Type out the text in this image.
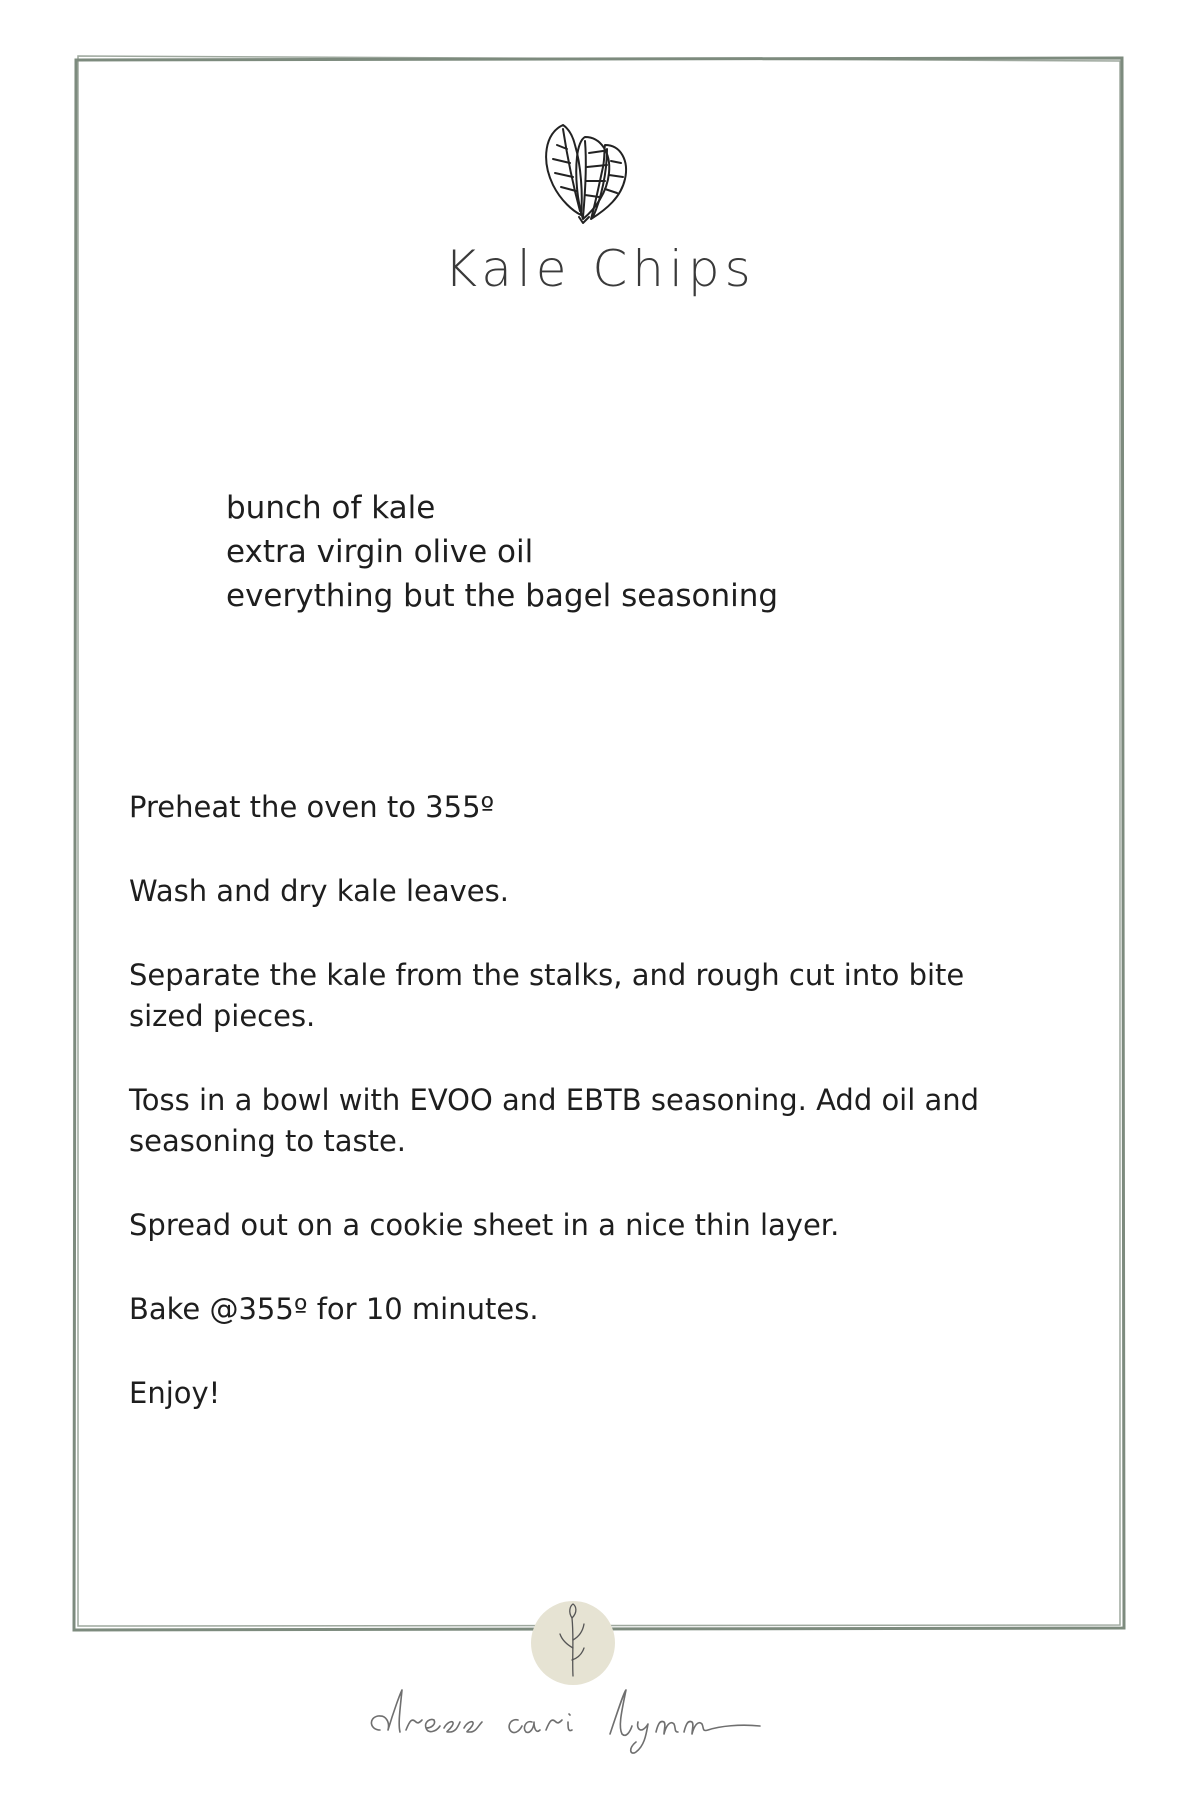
Kale Chips
bunch of kale
extra virgin olive oil
everything but the bagel seasoning
Preheat the oven to 355º
Wash and dry kale leaves.
Separate the kale from the stalks, and rough cut into bite sized pieces.
Toss in a bowl with EVOO and EBTB seasoning. Add oil and seasoning to taste.
Spread out on a cookie sheet in a nice thin layer.
Bake @355º for 10 minutes.
Enjoy!
